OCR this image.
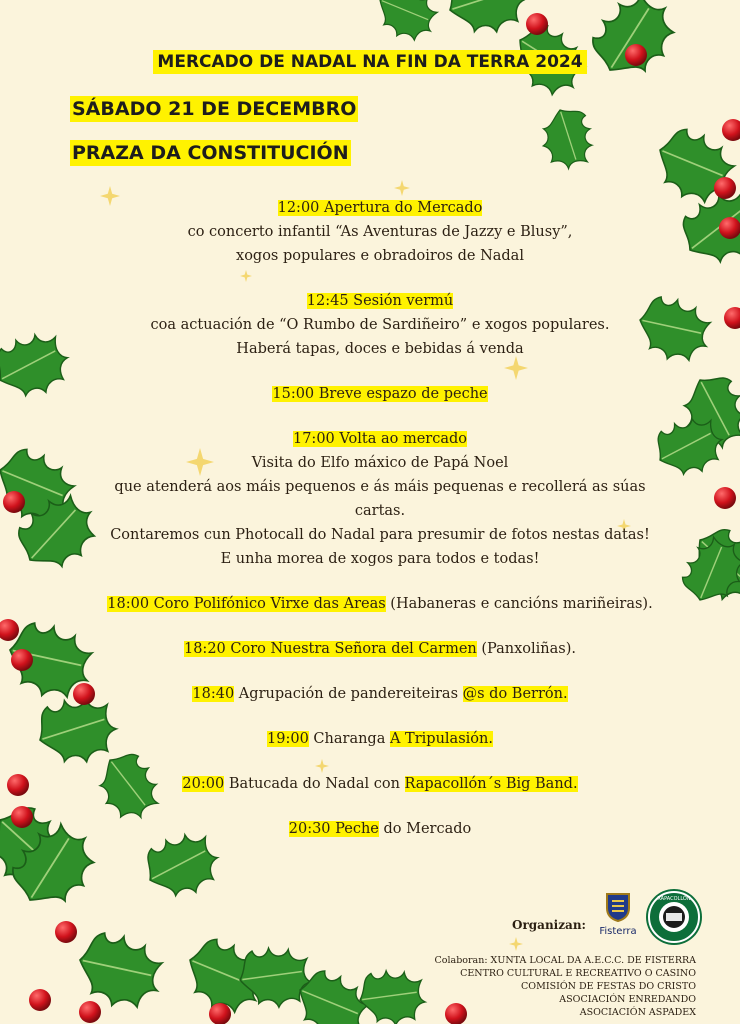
MERCADO DE NADAL NA FIN DA TERRA 2024
SÁBADO 21 DE DECEMBRO
PRAZA DA CONSTITUCIÓN

12:00 Apertura do Mercado

co concerto infantil “As Aventuras de Jazzy e Blusy”,

xogos populares e obradoiros de Nadal

12:45 Sesión vermú

coa actuación de “O Rumbo de Sardiñeiro” e xogos populares.

Haberá tapas, doces e bebidas á venda

15:00 Breve espazo de peche

17:00 Volta ao mercado

Visita do Elfo máxico de Papá Noel

que atenderá aos máis pequenos e ás máis pequenas e recollerá as súas

cartas.

Contaremos cun Photocall do Nadal para presumir de fotos nestas datas!

E unha morea de xogos para todos e todas!

18:00 Coro Polifónico Virxe das Areas (Habaneras e cancións mariñeiras).

18:20 Coro Nuestra Señora del Carmen (Panxoliñas).

18:40 Agrupación de pandereiteiras @s do Berrón.

19:00 Charanga A Tripulasión.

20:00 Batucada do Nadal con Rapacollón´s Big Band.

20:30 Peche do Mercado

Organizan:	Fisterra
RAPACOLLÓN

Colaboran: XUNTA LOCAL DA A.E.C.C. DE FISTERRA

CENTRO CULTURAL E RECREATIVO O CASINO

COMISIÓN DE FESTAS DO CRISTO

ASOCIACIÓN ENREDANDO

ASOCIACIÓN ASPADEX
